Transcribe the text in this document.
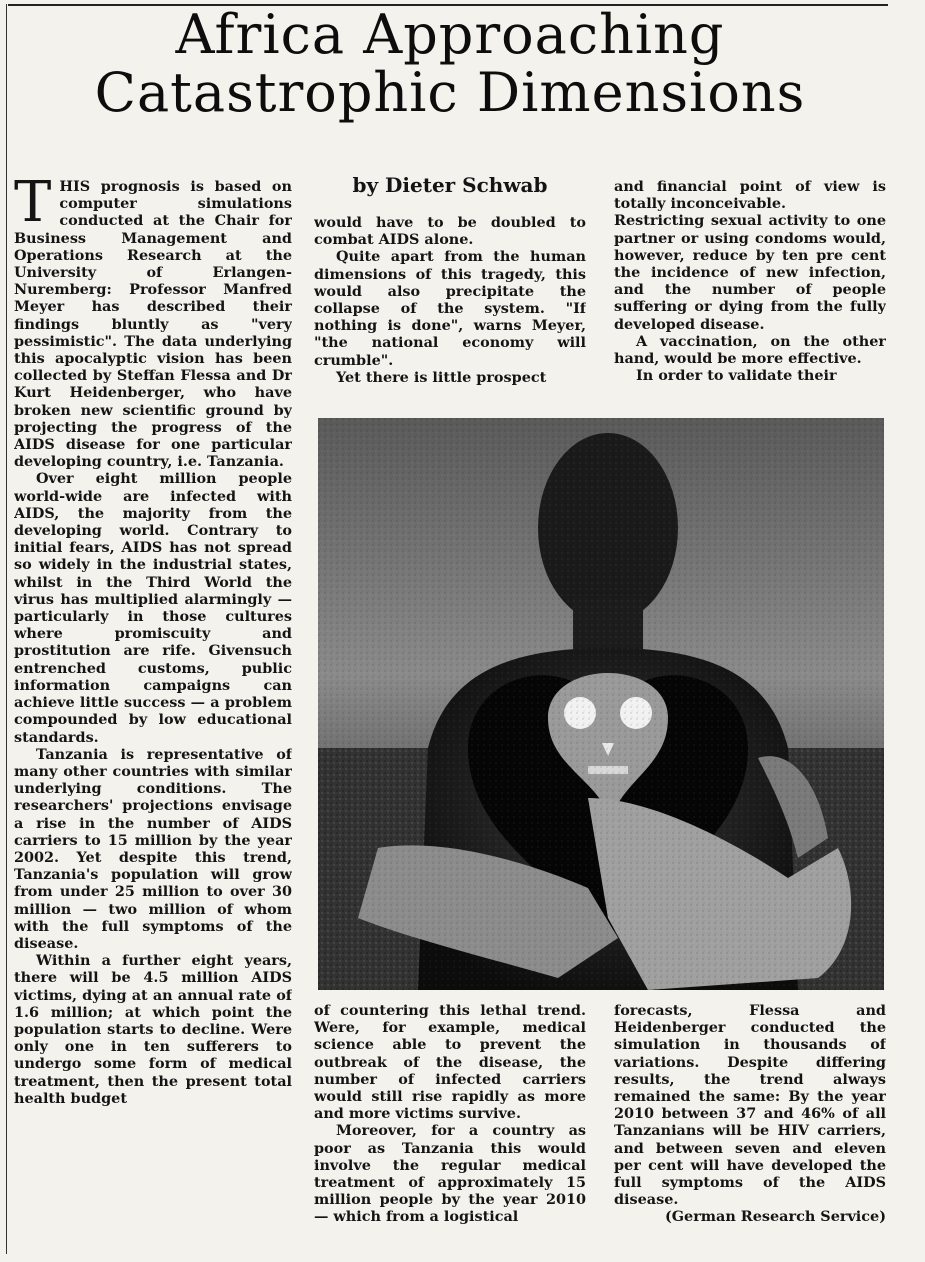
Africa Approaching
Catastrophic Dimensions

THIS prognosis is based on computer simulations conducted at the Chair for Business Management and Operations Research at the University of Erlangen-Nuremberg: Professor Manfred Meyer has described their findings bluntly as "very pessimistic". The data underlying this apocalyptic vision has been collected by Steffan Flessa and Dr Kurt Heidenberger, who have broken new scientific ground by projecting the progress of the AIDS disease for one particular developing country, i.e. Tanzania.

Over eight million people world-wide are infected with AIDS, the majority from the developing world. Contrary to initial fears, AIDS has not spread so widely in the industrial states, whilst in the Third World the virus has multiplied alarmingly — particularly in those cultures where promiscuity and prostitution are rife. Givensuch entrenched customs, public information campaigns can achieve little success — a problem compounded by low educational standards.

Tanzania is representative of many other countries with similar underlying conditions. The researchers' projections envisage a rise in the number of AIDS carriers to 15 million by the year 2002. Yet despite this trend, Tanzania's population will grow from under 25 million to over 30 million — two million of whom with the full symptoms of the disease.

Within a further eight years, there will be 4.5 million AIDS victims, dying at an annual rate of 1.6 million; at which point the population starts to decline. Were only one in ten sufferers to undergo some form of medical treatment, then the present total health budget

by Dieter Schwab

would have to be doubled to combat AIDS alone.

Quite apart from the human dimensions of this tragedy, this would also precipitate the collapse of the system. "If nothing is done", warns Meyer, "the national economy will crumble".

Yet there is little prospect

and financial point of view is totally inconceivable.

Restricting sexual activity to one partner or using condoms would, however, reduce by ten pre cent the incidence of new infection, and the number of people suffering or dying from the fully developed disease.

A vaccination, on the other hand, would be more effective.

In order to validate their

of countering this lethal trend. Were, for example, medical science able to prevent the outbreak of the disease, the number of infected carriers would still rise rapidly as more and more victims survive.

Moreover, for a country as poor as Tanzania this would involve the regular medical treatment of approximately 15 million people by the year 2010 — which from a logistical

forecasts, Flessa and Heidenberger conducted the simulation in thousands of variations. Despite differing results, the trend always remained the same: By the year 2010 between 37 and 46% of all Tanzanians will be HIV carriers, and between seven and eleven per cent will have developed the full symptoms of the AIDS disease.

(German Research Service)
